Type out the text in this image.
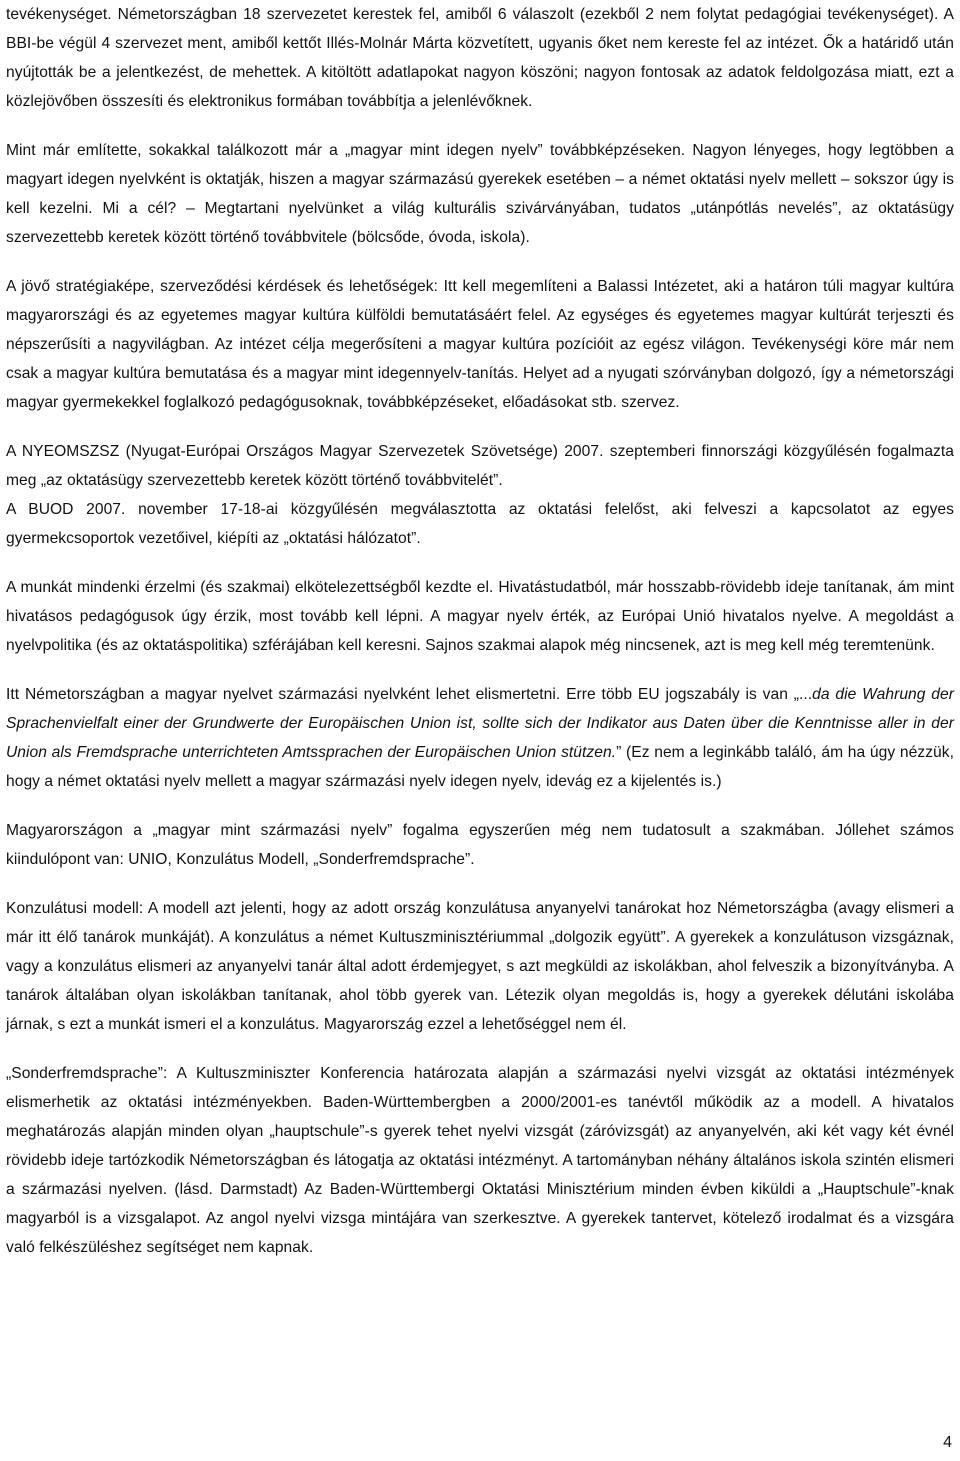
tevékenységet. Németországban 18 szervezetet kerestek fel, amiből 6 válaszolt (ezekből 2 nem folytat pedagógiai tevékenységet). A BBI-be végül 4 szervezet ment, amiből kettőt Illés-Molnár Márta közvetített, ugyanis őket nem kereste fel az intézet. Ők a határidő után nyújtották be a jelentkezést, de mehettek. A kitöltött adatlapokat nagyon köszöni; nagyon fontosak az adatok feldolgozása miatt, ezt a közlejövőben összesíti és elektronikus formában továbbítja a jelenlévőknek.

Mint már említette, sokakkal találkozott már a „magyar mint idegen nyelv” továbbképzéseken. Nagyon lényeges, hogy legtöbben a magyart idegen nyelvként is oktatják, hiszen a magyar származású gyerekek esetében – a német oktatási nyelv mellett – sokszor úgy is kell kezelni. Mi a cél? – Megtartani nyelvünket a világ kulturális szivárványában, tudatos „utánpótlás nevelés”, az oktatásügy szervezettebb keretek között történő továbbvitele (bölcsőde, óvoda, iskola).

A jövő stratégiaképe, szerveződési kérdések és lehetőségek: Itt kell megemlíteni a Balassi Intézetet, aki a határon túli magyar kultúra magyarországi és az egyetemes magyar kultúra külföldi bemutatásáért felel. Az egységes és egyetemes magyar kultúrát terjeszti és népszerűsíti a nagyvilágban. Az intézet célja megerősíteni a magyar kultúra pozícióit az egész világon. Tevékenységi köre már nem csak a magyar kultúra bemutatása és a magyar mint idegennyelv-tanítás. Helyet ad a nyugati szórványban dolgozó, így a németországi magyar gyermekekkel foglalkozó pedagógusoknak, továbbképzéseket, előadásokat stb. szervez.

A NYEOMSZSZ (Nyugat-Európai Országos Magyar Szervezetek Szövetsége) 2007. szeptemberi finnországi közgyűlésén fogalmazta meg „az oktatásügy szervezettebb keretek között történő továbbvitelét”.

A BUOD 2007. november 17-18-ai közgyűlésén megválasztotta az oktatási felelőst, aki felveszi a kapcsolatot az egyes gyermekcsoportok vezetőivel, kiépíti az „oktatási hálózatot”.

A munkát mindenki érzelmi (és szakmai) elkötelezettségből kezdte el. Hivatástudatból, már hosszabb-rövidebb ideje tanítanak, ám mint hivatásos pedagógusok úgy érzik, most tovább kell lépni. A magyar nyelv érték, az Európai Unió hivatalos nyelve. A megoldást a nyelvpolitika (és az oktatáspolitika) szférájában kell keresni. Sajnos szakmai alapok még nincsenek, azt is meg kell még teremtenünk.

Itt Németországban a magyar nyelvet származási nyelvként lehet elismertetni. Erre több EU jogszabály is van „...da die Wahrung der Sprachenvielfalt einer der Grundwerte der Europäischen Union ist, sollte sich der Indikator aus Daten über die Kenntnisse aller in der Union als Fremdsprache unterrichteten Amtssprachen der Europäischen Union stützen.” (Ez nem a leginkább találó, ám ha úgy nézzük, hogy a német oktatási nyelv mellett a magyar származási nyelv idegen nyelv, idevág ez a kijelentés is.)

Magyarországon a „magyar mint származási nyelv” fogalma egyszerűen még nem tudatosult a szakmában. Jóllehet számos kiindulópont van: UNIO, Konzulátus Modell, „Sonderfremdsprache”.

Konzulátusi modell: A modell azt jelenti, hogy az adott ország konzulátusa anyanyelvi tanárokat hoz Németországba (avagy elismeri a már itt élő tanárok munkáját). A konzulátus a német Kultuszminisztériummal „dolgozik együtt”. A gyerekek a konzulátuson vizsgáznak, vagy a konzulátus elismeri az anyanyelvi tanár által adott érdemjegyet, s azt megküldi az iskolákban, ahol felveszik a bizonyítványba. A tanárok általában olyan iskolákban tanítanak, ahol több gyerek van. Létezik olyan megoldás is, hogy a gyerekek délutáni iskolába járnak, s ezt a munkát ismeri el a konzulátus. Magyarország ezzel a lehetőséggel nem él.

„Sonderfremdsprache”: A Kultuszminiszter Konferencia határozata alapján a származási nyelvi vizsgát az oktatási intézmények elismerhetik az oktatási intézményekben. Baden-Württembergben a 2000/2001-es tanévtől működik az a modell. A hivatalos meghatározás alapján minden olyan „hauptschule”-s gyerek tehet nyelvi vizsgát (záróvizsgát) az anyanyelvén, aki két vagy két évnél rövidebb ideje tartózkodik Németországban és látogatja az oktatási intézményt. A tartományban néhány általános iskola szintén elismeri a származási nyelven. (lásd. Darmstadt) Az Baden-Württembergi Oktatási Minisztérium minden évben kiküldi a „Hauptschule”-knak magyarból is a vizsgalapot. Az angol nyelvi vizsga mintájára van szerkesztve. A gyerekek tantervet, kötelező irodalmat és a vizsgára való felkészüléshez segítséget nem kapnak.

4
